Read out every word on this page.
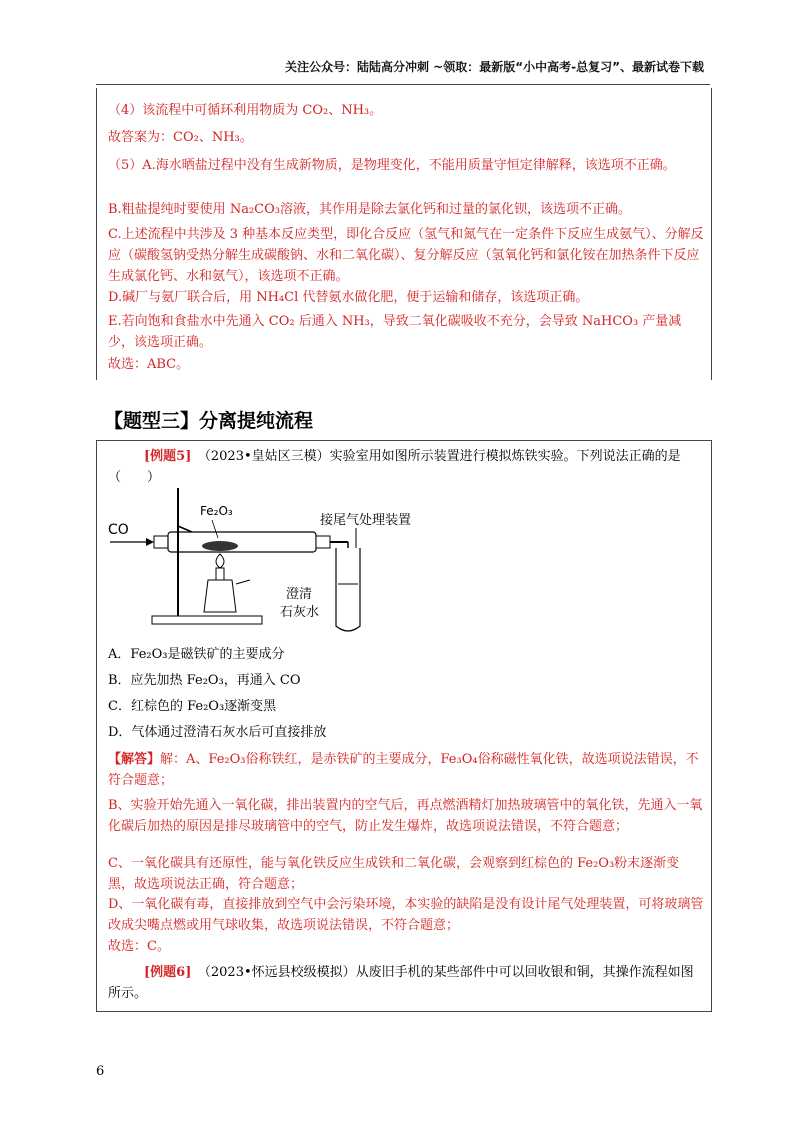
关注公众号：陆陆高分冲刺 ~领取：最新版“小中高考-总复习”、最新试卷下载

（4）该流程中可循环利用物质为 CO₂、NH₃。

故答案为：CO₂、NH₃。

（5）A.海水晒盐过程中没有生成新物质，是物理变化，不能用质量守恒定律解释，该选项不正确。

B.粗盐提纯时要使用 Na₂CO₃溶液，其作用是除去氯化钙和过量的氯化钡，该选项不正确。

C.上述流程中共涉及 3 种基本反应类型，即化合反应（氢气和氮气在一定条件下反应生成氨气）、分解反应（碳酸氢钠受热分解生成碳酸钠、水和二氧化碳）、复分解反应（氢氧化钙和氯化铵在加热条件下反应生成氯化钙、水和氨气），该选项不正确。

D.碱厂与氨厂联合后，用 NH₄Cl 代替氨水做化肥，便于运输和储存，该选项正确。

E.若向饱和食盐水中先通入 CO₂ 后通入 NH₃，导致二氧化碳吸收不充分，会导致 NaHCO₃ 产量减少，该选项正确。

故选：ABC。

【题型三】分离提纯流程

[例题5]　 （2023•皇姑区三模）实验室用如图所示装置进行模拟炼铁实验。下列说法正确的是（　　）

CO
Fe₂O₃
接尾气处理装置
澄清
石灰水

A．Fe₂O₃是磁铁矿的主要成分

B．应先加热 Fe₂O₃，再通入 CO

C．红棕色的 Fe₂O₃逐渐变黑

D．气体通过澄清石灰水后可直接排放

【解答】解：A、Fe₂O₃俗称铁红，是赤铁矿的主要成分，Fe₃O₄俗称磁性氧化铁，故选项说法错误，不符合题意；

B、实验开始先通入一氧化碳，排出装置内的空气后，再点燃酒精灯加热玻璃管中的氧化铁，先通入一氧化碳后加热的原因是排尽玻璃管中的空气，防止发生爆炸，故选项说法错误，不符合题意；

C、一氧化碳具有还原性，能与氧化铁反应生成铁和二氧化碳，会观察到红棕色的 Fe₂O₃粉末逐渐变黑，故选项说法正确，符合题意；

D、一氧化碳有毒，直接排放到空气中会污染环境，本实验的缺陷是没有设计尾气处理装置，可将玻璃管改成尖嘴点燃或用气球收集，故选项说法错误，不符合题意；

故选：C。

[例题6]　 （2023•怀远县校级模拟）从废旧手机的某些部件中可以回收银和铜，其操作流程如图所示。

6
